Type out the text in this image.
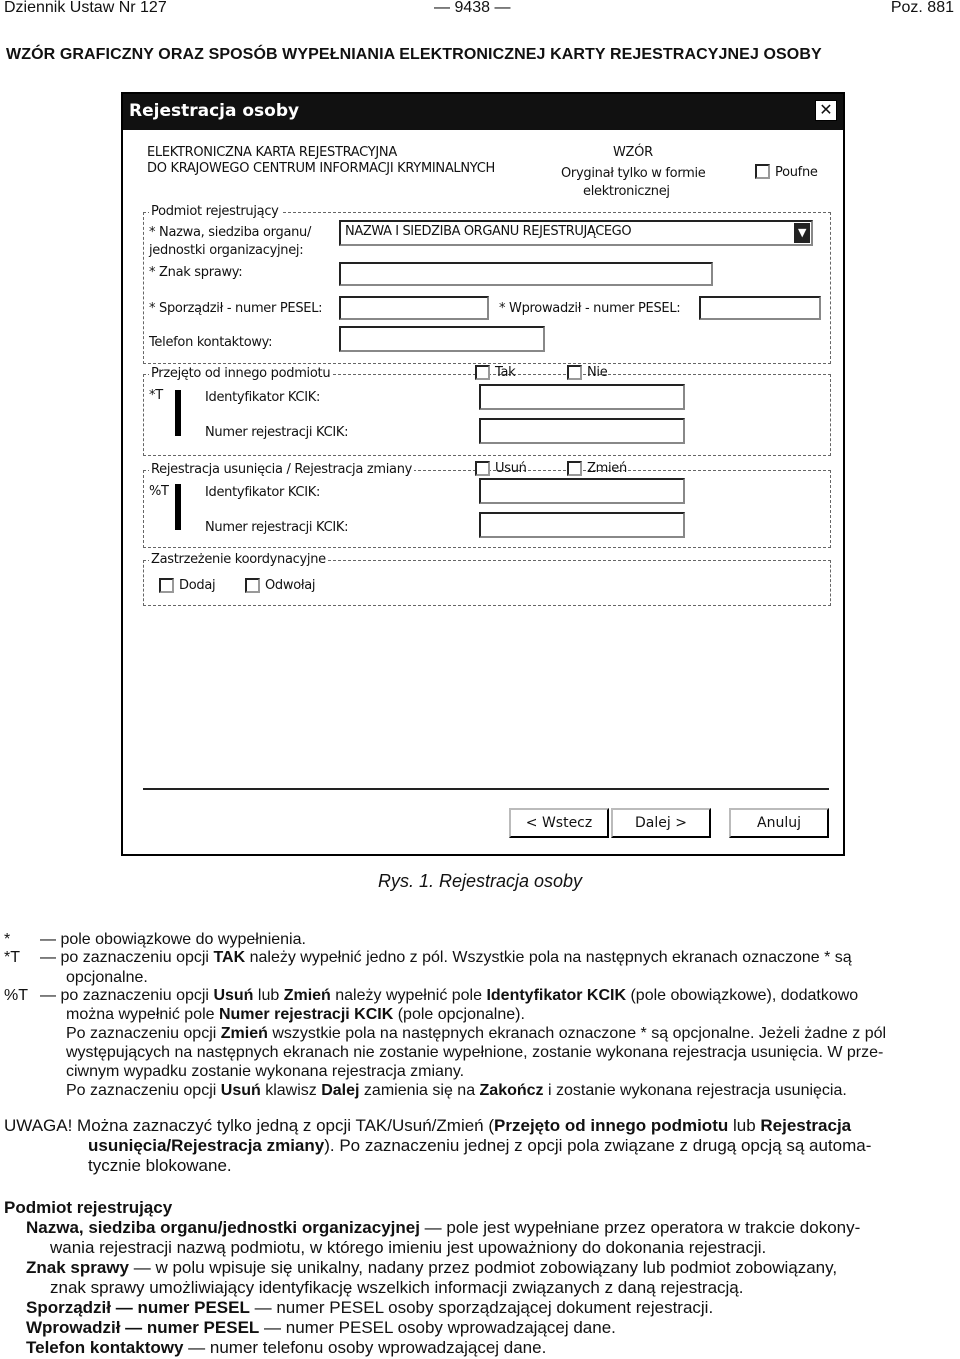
Dziennik Ustaw Nr 127	— 9438 —	Poz. 881
WZÓR GRAFICZNY ORAZ SPOSÓB WYPEŁNIANIA ELEKTRONICZNEJ KARTY REJESTRACYJNEJ OSOBY
Rejestracja osoby	✕
ELEKTRONICZNA KARTA REJESTRACYJNA
DO KRAJOWEGO CENTRUM INFORMACJI KRYMINALNYCH
WZÓR
Oryginał tylko w formie
elektronicznej
Poufne
Podmiot rejestrujący
* Nazwa, siedziba organu/
jednostki organizacyjnej:
NAZWA I SIEDZIBA ORGANU REJESTRUJĄCEGO	▼
* Znak sprawy:
* Sporządził - numer PESEL:	* Wprowadził - numer PESEL:
Telefon kontaktowy:
Przejęto od innego podmiotu	Tak	Nie
*T	Identyfikator KCIK:
Numer rejestracji KCIK:
Rejestracja usunięcia / Rejestracja zmiany	Usuń	Zmień
%T	Identyfikator KCIK:
Numer rejestracji KCIK:
Zastrzeżenie koordynacyjne
Dodaj	Odwołaj
< Wstecz	Dalej >	Anuluj
Rys. 1. Rejestracja osoby
* — pole obowiązkowe do wypełnienia.
*T — po zaznaczeniu opcji TAK należy wypełnić jedno z pól. Wszystkie pola na następnych ekranach oznaczone * są
opcjonalne.
%T — po zaznaczeniu opcji Usuń lub Zmień należy wypełnić pole Identyfikator KCIK (pole obowiązkowe), dodatkowo
można wypełnić pole Numer rejestracji KCIK (pole opcjonalne).
Po zaznaczeniu opcji Zmień wszystkie pola na następnych ekranach oznaczone * są opcjonalne. Jeżeli żadne z pól
występujących na następnych ekranach nie zostanie wypełnione, zostanie wykonana rejestracja usunięcia. W prze-
ciwnym wypadku zostanie wykonana rejestracja zmiany.
Po zaznaczeniu opcji Usuń klawisz Dalej zamienia się na Zakończ i zostanie wykonana rejestracja usunięcia.
UWAGA! Można zaznaczyć tylko jedną z opcji TAK/Usuń/Zmień (Przejęto od innego podmiotu lub Rejestracja
usunięcia/Rejestracja zmiany). Po zaznaczeniu jednej z opcji pola związane z drugą opcją są automa-
tycznie blokowane.
Podmiot rejestrujący
Nazwa, siedziba organu/jednostki organizacyjnej — pole jest wypełniane przez operatora w trakcie dokony-
wania rejestracji nazwą podmiotu, w którego imieniu jest upoważniony do dokonania rejestracji.
Znak sprawy — w polu wpisuje się unikalny, nadany przez podmiot zobowiązany lub podmiot zobowiązany,
znak sprawy umożliwiający identyfikację wszelkich informacji związanych z daną rejestracją.
Sporządził — numer PESEL — numer PESEL osoby sporządzającej dokument rejestracji.
Wprowadził — numer PESEL — numer PESEL osoby wprowadzającej dane.
Telefon kontaktowy — numer telefonu osoby wprowadzającej dane.
